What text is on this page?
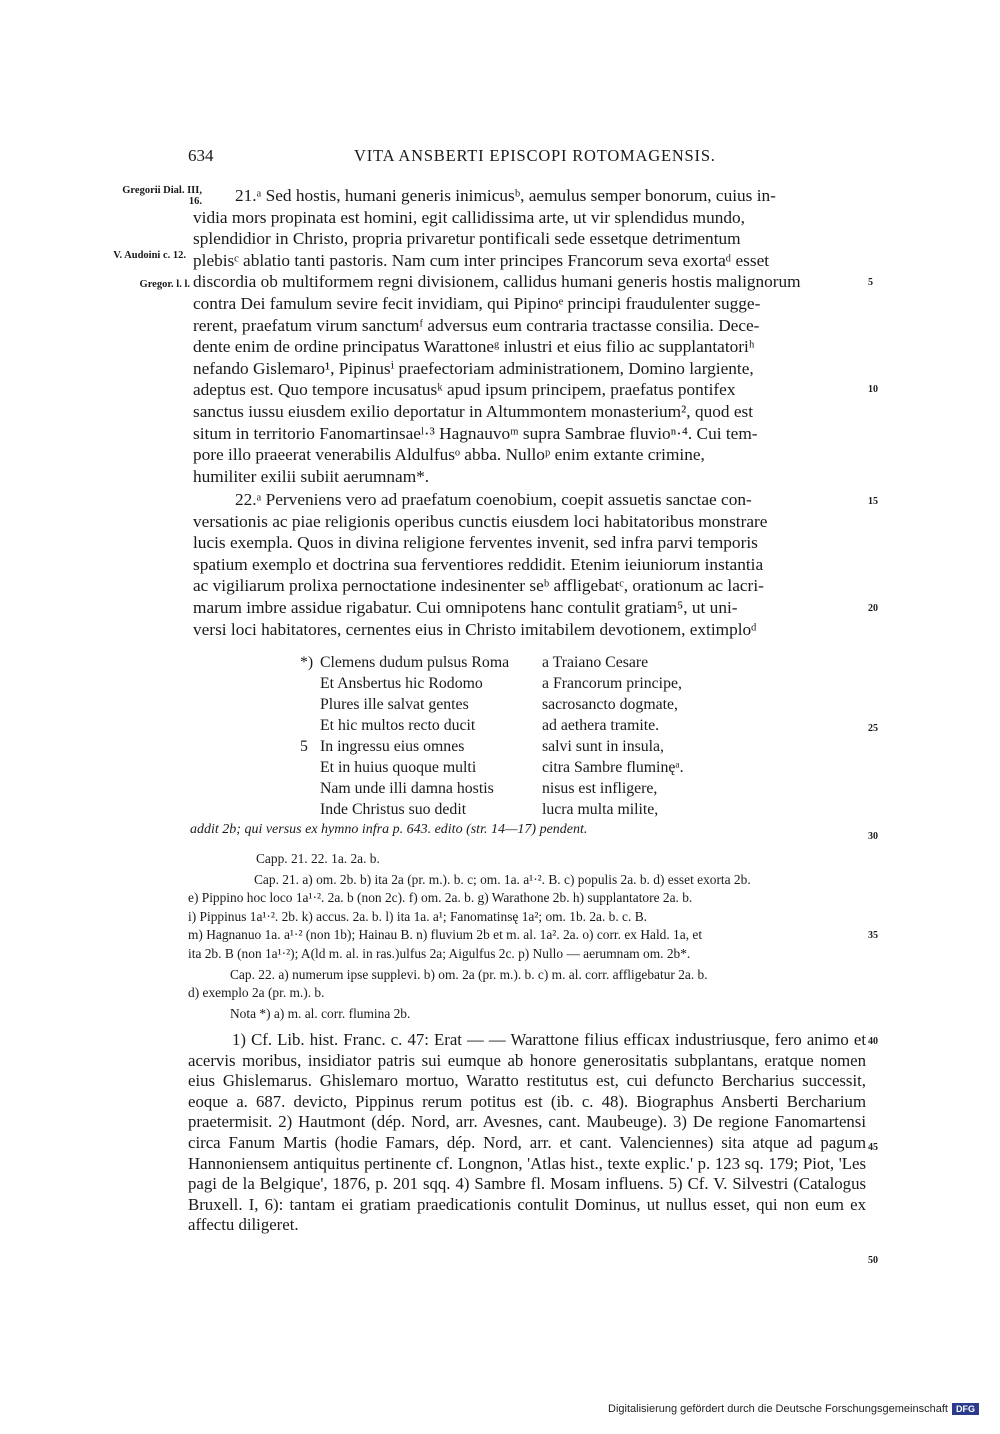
634	VITA ANSBERTI EPISCOPI ROTOMAGENSIS.
Gregorii Dial. III, 16.
V. Audoini c. 12.
Gregor. l. l.	5
10
15
20
25
30
35
40
45
50

21.ᵃ Sed hostis, humani generis inimicusᵇ, aemulus semper bonorum, cuius in-

vidia mors propinata est homini, egit callidissima arte, ut vir splendidus mundo,

splendidior in Christo, propria privaretur pontificali sede essetque detrimentum

plebisᶜ ablatio tanti pastoris. Nam cum inter principes Francorum seva exortaᵈ esset

discordia ob multiformem regni divisionem, callidus humani generis hostis malignorum

contra Dei famulum sevire fecit invidiam, qui Pipinoᵉ principi fraudulenter sugge-

rerent, praefatum virum sanctumᶠ adversus eum contraria tractasse consilia. Dece-

dente enim de ordine principatus Warattoneᵍ inlustri et eius filio ac supplantatoriʰ

nefando Gislemaro¹, Pipinusⁱ praefectoriam administrationem, Domino largiente,

adeptus est. Quo tempore incusatusᵏ apud ipsum principem, praefatus pontifex

sanctus iussu eiusdem exilio deportatur in Altummontem monasterium², quod est

situm in territorio Fanomartinsaeˡ·³ Hagnauvoᵐ supra Sambrae fluvioⁿ·⁴. Cui tem-

pore illo praeerat venerabilis Aldulfusᵒ abba. Nulloᵖ enim extante crimine,

humiliter exilii subiit aerumnam*.

22.ᵃ Perveniens vero ad praefatum coenobium, coepit assuetis sanctae con-

versationis ac piae religionis operibus cunctis eiusdem loci habitatoribus monstrare

lucis exempla. Quos in divina religione ferventes invenit, sed infra parvi temporis

spatium exemplo et doctrina sua ferventiores reddidit. Etenim ieiuniorum instantia

ac vigiliarum prolixa pernoctatione indesinenter seᵇ affligebatᶜ, orationum ac lacri-

marum imbre assidue rigabatur. Cui omnipotens hanc contulit gratiam⁵, ut uni-

versi loci habitatores, cernentes eius in Christo imitabilem devotionem, extimploᵈ

*) Clemens dudum pulsus Roma	a Traiano Cesare
Et Ansbertus hic Rodomo	a Francorum principe,
Plures ille salvat gentes	sacrosancto dogmate,
Et hic multos recto ducit	ad aethera tramite.
5 In ingressu eius omnes	salvi sunt in insula,
Et in huius quoque multi	citra Sambre fluminęᵃ.
Nam unde illi damna hostis	nisus est infligere,
Inde Christus suo dedit	lucra multa milite,
addit 2b; qui versus ex hymno infra p. 643. edito (str. 14—17) pendent.

Capp. 21. 22. 1a. 2a. b.

Cap. 21. a) om. 2b. b) ita 2a (pr. m.). b. c; om. 1a. a¹·². B. c) populis 2a. b. d) esset exorta 2b.

e) Pippino hoc loco 1a¹·². 2a. b (non 2c). f) om. 2a. b. g) Warathone 2b. h) supplantatore 2a. b.

i) Pippinus 1a¹·². 2b. k) accus. 2a. b. l) ita 1a. a¹; Fanomatinsę 1a²; om. 1b. 2a. b. c. B.

m) Hagnanuo 1a. a¹·² (non 1b); Hainau B. n) fluvium 2b et m. al. 1a². 2a. o) corr. ex Hald. 1a, et

ita 2b. B (non 1a¹·²); A(ld m. al. in ras.)ulfus 2a; Aigulfus 2c. p) Nullo — aerumnam om. 2b*.

Cap. 22. a) numerum ipse supplevi. b) om. 2a (pr. m.). b. c) m. al. corr. affligebatur 2a. b.

d) exemplo 2a (pr. m.). b.

Nota *) a) m. al. corr. flumina 2b.

1) Cf. Lib. hist. Franc. c. 47: Erat — — Warattone filius efficax industriusque, fero animo et acervis moribus, insidiator patris sui eumque ab honore generositatis subplantans, eratque nomen eius Ghislemarus. Ghislemaro mortuo, Waratto restitutus est, cui defuncto Bercharius successit, eoque a. 687. devicto, Pippinus rerum potitus est (ib. c. 48). Biographus Ansberti Bercharium praetermisit. 2) Hautmont (dép. Nord, arr. Avesnes, cant. Maubeuge). 3) De regione Fanomartensi circa Fanum Martis (hodie Famars, dép. Nord, arr. et cant. Valenciennes) sita atque ad pagum Hannoniensem antiquitus pertinente cf. Longnon, 'Atlas hist., texte explic.' p. 123 sq. 179; Piot, 'Les pagi de la Belgique', 1876, p. 201 sqq. 4) Sambre fl. Mosam influens. 5) Cf. V. Silvestri (Catalogus Bruxell. I, 6): tantam ei gratiam praedicationis contulit Dominus, ut nullus esset, qui non eum ex affectu diligeret.

Digitalisierung gefördert durch die Deutsche Forschungsgemeinschaft DFG
